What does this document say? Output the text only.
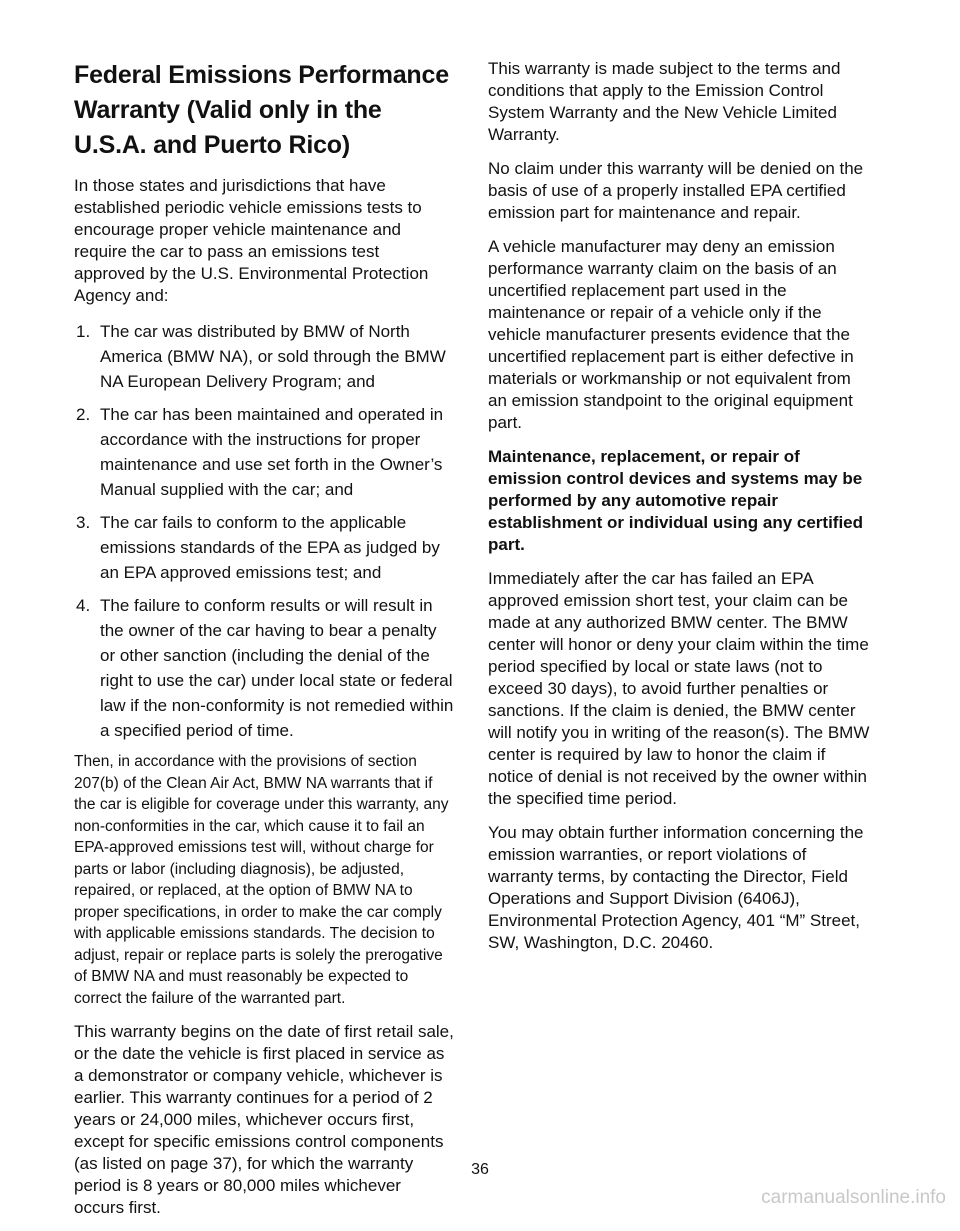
Federal Emissions Performance Warranty (Valid only in the U.S.A. and Puerto Rico)

In those states and jurisdictions that have established periodic vehicle emissions tests to encourage proper vehicle maintenance and require the car to pass an emissions test approved by the U.S. Environmental Protection Agency and:

1. The car was distributed by BMW of North America (BMW NA), or sold through the BMW NA European Delivery Program; and
2. The car has been maintained and operated in accordance with the instructions for proper maintenance and use set forth in the Owner’s Manual supplied with the car; and
3. The car fails to conform to the applicable emissions standards of the EPA as judged by an EPA approved emissions test; and
4. The failure to conform results or will result in the owner of the car having to bear a penalty or other sanction (including the denial of the right to use the car) under local state or federal law if the non-conformity is not remedied within a specified period of time.

Then, in accordance with the provisions of section 207(b) of the Clean Air Act, BMW NA warrants that if the car is eligible for coverage under this warranty, any non-conformities in the car, which cause it to fail an EPA-approved emissions test will, without charge for parts or labor (including diagnosis), be adjusted, repaired, or replaced, at the option of BMW NA to proper specifications, in order to make the car comply with applicable emissions standards. The decision to adjust, repair or replace parts is solely the prerogative of BMW NA and must reasonably be expected to correct the failure of the warranted part.

This warranty begins on the date of first retail sale, or the date the vehicle is first placed in service as a demonstrator or company vehicle, whichever is earlier. This warranty continues for a period of 2 years or 24,000 miles, whichever occurs first, except for specific emissions control components (as listed on page 37), for which the warranty period is 8 years or 80,000 miles whichever occurs first.

This warranty is made subject to the terms and conditions that apply to the Emission Control System Warranty and the New Vehicle Limited Warranty.

No claim under this warranty will be denied on the basis of use of a properly installed EPA certified emission part for maintenance and repair.

A vehicle manufacturer may deny an emission performance warranty claim on the basis of an uncertified replacement part used in the maintenance or repair of a vehicle only if the vehicle manufacturer presents evidence that the uncertified replacement part is either defective in materials or workmanship or not equivalent from an emission standpoint to the original equipment part.

Maintenance, replacement, or repair of emission control devices and systems may be performed by any automotive repair establishment or individual using any certified part.

Immediately after the car has failed an EPA approved emission short test, your claim can be made at any authorized BMW center. The BMW center will honor or deny your claim within the time period specified by local or state laws (not to exceed 30 days), to avoid further penalties or sanctions. If the claim is denied, the BMW center will notify you in writing of the reason(s). The BMW center is required by law to honor the claim if notice of denial is not received by the owner within the specified time period.

You may obtain further information concerning the emission warranties, or report violations of warranty terms, by contacting the Director, Field Operations and Support Division (6406J), Environmental Protection Agency, 401 “M” Street, SW, Washington, D.C. 20460.

36
carmanualsonline.info
